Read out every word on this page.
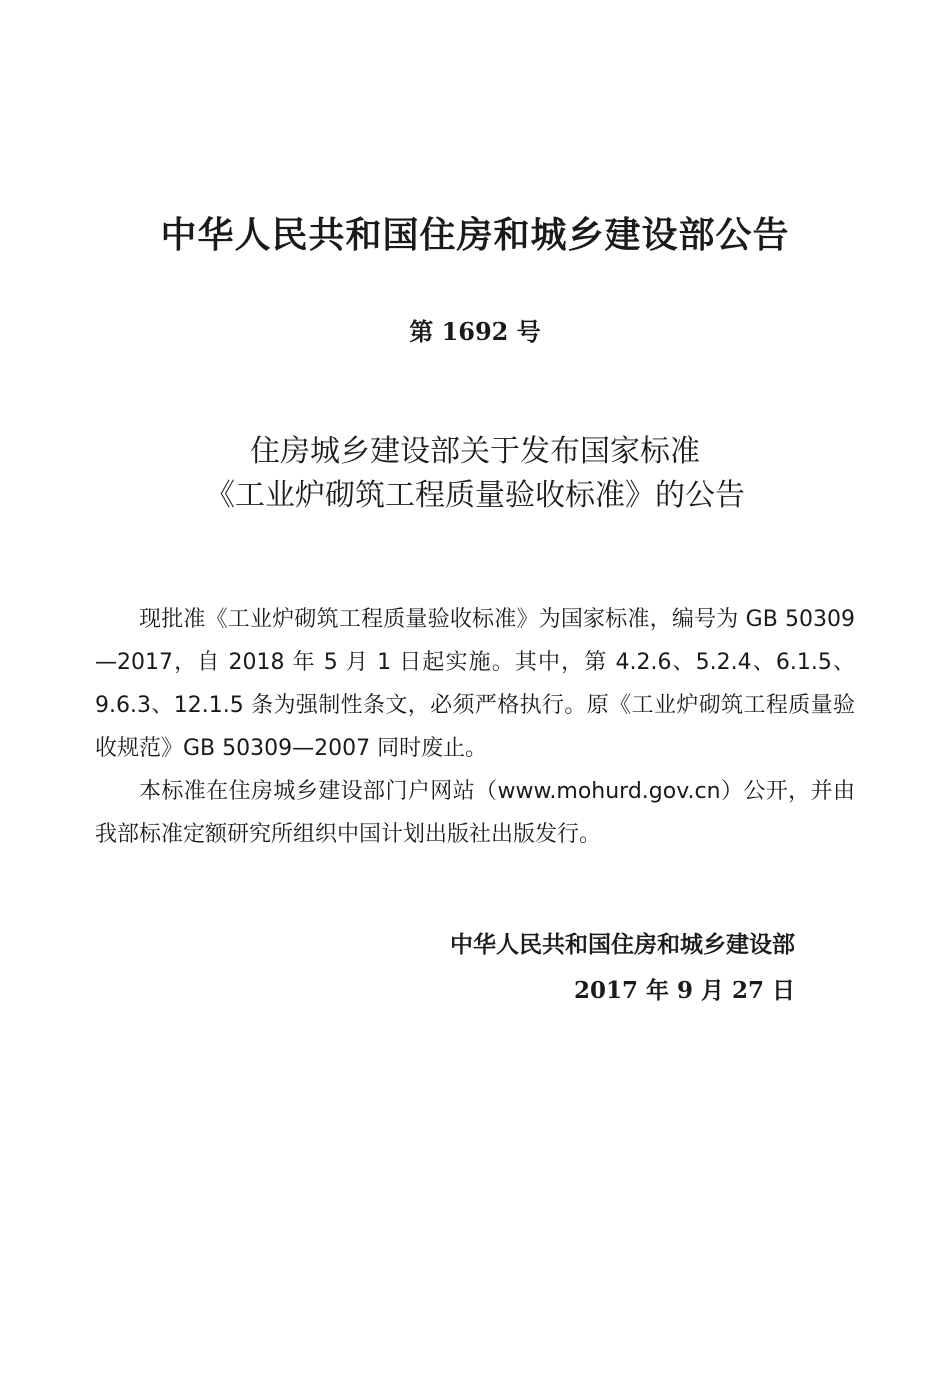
中华人民共和国住房和城乡建设部公告
第 1692 号
住房城乡建设部关于发布国家标准
《工业炉砌筑工程质量验收标准》的公告

现批准《工业炉砌筑工程质量验收标准》为国家标准，编号为 GB 50309—2017，自 2018 年 5 月 1 日起实施。其中，第 4.2.6、5.2.4、6.1.5、9.6.3、12.1.5 条为强制性条文，必须严格执行。原《工业炉砌筑工程质量验收规范》GB 50309—2007 同时废止。

本标准在住房城乡建设部门户网站（www.mohurd.gov.cn）公开，并由我部标准定额研究所组织中国计划出版社出版发行。

中华人民共和国住房和城乡建设部
2017 年 9 月 27 日
